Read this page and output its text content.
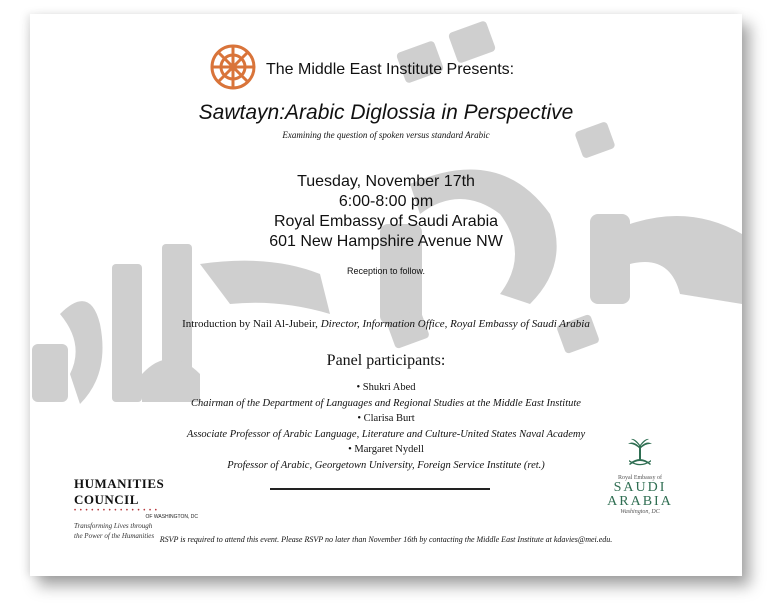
The Middle East Institute Presents:
Sawtayn:Arabic Diglossia in Perspective
Examining the question of spoken versus standard Arabic
Tuesday, November 17th
6:00-8:00 pm
Royal Embassy of Saudi Arabia
601 New Hampshire Avenue NW
Reception to follow.
Introduction by Nail Al-Jubeir, Director, Information Office, Royal Embassy of Saudi Arabia
Panel participants:
• Shukri Abed
Chairman of the Department of Languages and Regional Studies at the Middle East Institute
• Clarisa Burt
Associate Professor of Arabic Language, Literature and Culture-United States Naval Academy
• Margaret Nydell
Professor of Arabic, Georgetown University, Foreign Service Institute (ret.)
HUMANITIES COUNCIL
• • • • • • • • • • • • • • •
OF WASHINGTON, DC
Transforming Lives through
the Power of the Humanities
Royal Embassy of
SAUDI
ARABIA
Washington, DC
RSVP is required to attend this event. Please RSVP no later than November 16th by contacting the Middle East Institute at kdavies@mei.edu.
